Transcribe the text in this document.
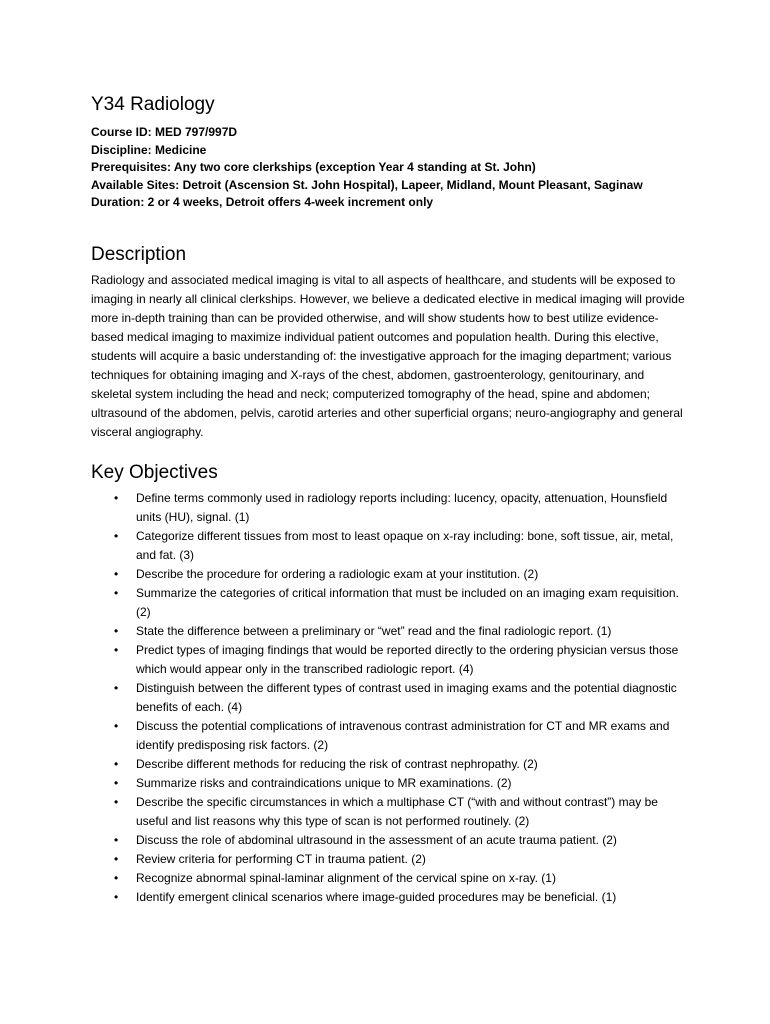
Y34 Radiology
Course ID: MED 797/997D
Discipline: Medicine
Prerequisites: Any two core clerkships (exception Year 4 standing at St. John)
Available Sites: Detroit (Ascension St. John Hospital), Lapeer, Midland, Mount Pleasant, Saginaw
Duration: 2 or 4 weeks, Detroit offers 4-week increment only
Description

Radiology and associated medical imaging is vital to all aspects of healthcare, and students will be exposed to imaging in nearly all clinical clerkships. However, we believe a dedicated elective in medical imaging will provide more in-depth training than can be provided otherwise, and will show students how to best utilize evidence-based medical imaging to maximize individual patient outcomes and population health. During this elective, students will acquire a basic understanding of: the investigative approach for the imaging department; various techniques for obtaining imaging and X-rays of the chest, abdomen, gastroenterology, genitourinary, and skeletal system including the head and neck; computerized tomography of the head, spine and abdomen; ultrasound of the abdomen, pelvis, carotid arteries and other superficial organs; neuro-angiography and general visceral angiography.

Key Objectives
• Define terms commonly used in radiology reports including: lucency, opacity, attenuation, Hounsfield units (HU), signal. (1)
• Categorize different tissues from most to least opaque on x-ray including: bone, soft tissue, air, metal, and fat. (3)
• Describe the procedure for ordering a radiologic exam at your institution. (2)
• Summarize the categories of critical information that must be included on an imaging exam requisition. (2)
• State the difference between a preliminary or “wet” read and the final radiologic report. (1)
• Predict types of imaging findings that would be reported directly to the ordering physician versus those which would appear only in the transcribed radiologic report. (4)
• Distinguish between the different types of contrast used in imaging exams and the potential diagnostic benefits of each. (4)
• Discuss the potential complications of intravenous contrast administration for CT and MR exams and identify predisposing risk factors. (2)
• Describe different methods for reducing the risk of contrast nephropathy. (2)
• Summarize risks and contraindications unique to MR examinations. (2)
• Describe the specific circumstances in which a multiphase CT (“with and without contrast”) may be useful and list reasons why this type of scan is not performed routinely. (2)
• Discuss the role of abdominal ultrasound in the assessment of an acute trauma patient. (2)
• Review criteria for performing CT in trauma patient. (2)
• Recognize abnormal spinal-laminar alignment of the cervical spine on x-ray. (1)
• Identify emergent clinical scenarios where image-guided procedures may be beneficial. (1)
